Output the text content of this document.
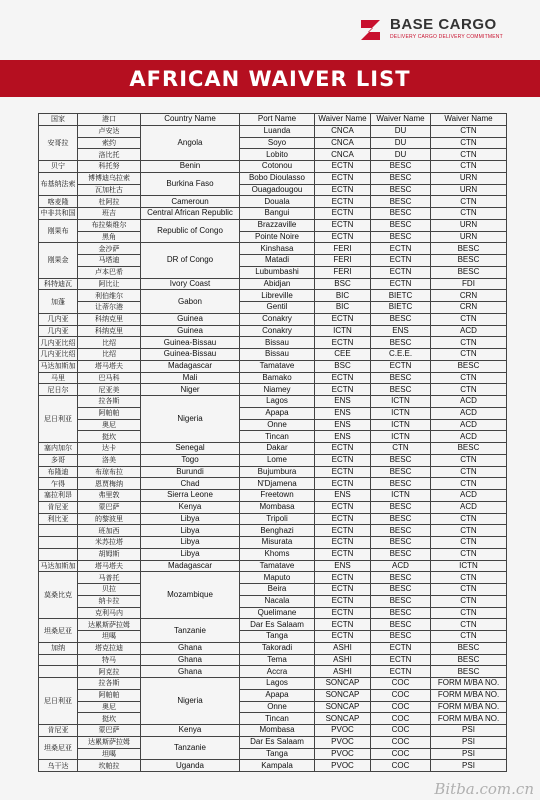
BASE CARGO
DELIVERY CARGO DELIVERY COMMITMENT
AFRICAN WAIVER LIST
国家	港口	Country Name	Port Name	Waiver Name	Waiver Name	Waiver Name
安哥拉	卢安达	Angola	Luanda	CNCA	DU	CTN
	索约		Soyo	CNCA	DU	CTN
	洛比托		Lobito	CNCA	DU	CTN
贝宁	科托努	Benin	Cotonou	ECTN	BESC	CTN
布基纳法索	博博迪乌拉索	Burkina Faso	Bobo Dioulasso	ECTN	BESC	URN
	瓦加杜古		Ouagadougou	ECTN	BESC	URN
喀麦隆	杜阿拉	Cameroun	Douala	ECTN	BESC	CTN
中非共和国	班吉	Central African Republic	Bangui	ECTN	BESC	CTN
刚果布	布拉柴维尔	Republic of Congo	Brazzaville	ECTN	BESC	URN
	黑角		Pointe Noire	ECTN	BESC	URN
刚果金	金沙萨	DR of Congo	Kinshasa	FERI	ECTN	BESC
	马塔迪		Matadi	FERI	ECTN	BESC
	卢本巴希		Lubumbashi	FERI	ECTN	BESC
科特迪瓦	阿比让	Ivory Coast	Abidjan	BSC	ECTN	FDI
加蓬	利伯维尔	Gabon	Libreville	BIC	BIETC	CRN
	让蒂尔港		Gentil	BIC	BIETC	CRN
几内亚	科纳克里	Guinea	Conakry	ECTN	BESC	CTN
几内亚	科纳克里	Guinea	Conakry	ICTN	ENS	ACD
几内亚比绍	比绍	Guinea-Bissau	Bissau	ECTN	BESC	CTN
几内亚比绍	比绍	Guinea-Bissau	Bissau	CEE	C.E.E.	CTN
马达加斯加	塔马塔夫	Madagascar	Tamatave	BSC	ECTN	BESC
马里	巴马科	Mali	Bamako	ECTN	BESC	CTN
尼日尔	尼亚美	Niger	Niamey	ECTN	BESC	CTN
尼日利亚	拉各斯	Nigeria	Lagos	ENS	ICTN	ACD
	阿帕帕		Apapa	ENS	ICTN	ACD
	奥尼		Onne	ENS	ICTN	ACD
	挺坎		Tincan	ENS	ICTN	ACD
塞内加尔	达卡	Senegal	Dakar	ECTN	CTN	BESC
多哥	洛美	Togo	Lome	ECTN	BESC	CTN
布隆迪	布琼布拉	Burundi	Bujumbura	ECTN	BESC	CTN
乍得	恩贾梅纳	Chad	N'Djamena	ECTN	BESC	CTN
塞拉利昂	弗里敦	Sierra Leone	Freetown	ENS	ICTN	ACD
肯尼亚	蒙巴萨	Kenya	Mombasa	ECTN	BESC	ACD
利比亚	的黎波里	Libya	Tripoli	ECTN	BESC	CTN
	班加西	Libya	Benghazi	ECTN	BESC	CTN
	米苏拉塔	Libya	Misurata	ECTN	BESC	CTN
	胡姆斯	Libya	Khoms	ECTN	BESC	CTN
马达加斯加	塔马塔夫	Madagascar	Tamatave	ENS	ACD	ICTN
莫桑比克	马普托	Mozambique	Maputo	ECTN	BESC	CTN
	贝拉		Beira	ECTN	BESC	CTN
	纳卡拉		Nacala	ECTN	BESC	CTN
	克利马内		Quelimane	ECTN	BESC	CTN
坦桑尼亚	达累斯萨拉姆	Tanzanie	Dar Es Salaam	ECTN	BESC	CTN
	坦噶		Tanga	ECTN	BESC	CTN
加纳	塔克拉迪	Ghana	Takoradi	ASHI	ECTN	BESC
	特马	Ghana	Tema	ASHI	ECTN	BESC
	阿克拉	Ghana	Accra	ASHI	ECTN	BESC
尼日利亚	拉各斯	Nigeria	Lagos	SONCAP	COC	FORM M/BA NO.
	阿帕帕		Apapa	SONCAP	COC	FORM M/BA NO.
	奥尼		Onne	SONCAP	COC	FORM M/BA NO.
	挺坎		Tincan	SONCAP	COC	FORM M/BA NO.
肯尼亚	蒙巴萨	Kenya	Mombasa	PVOC	COC	PSI
坦桑尼亚	达累斯萨拉姆	Tanzanie	Dar Es Salaam	PVOC	COC	PSI
	坦噶		Tanga	PVOC	COC	PSI
乌干达	坎帕拉	Uganda	Kampala	PVOC	COC	PSI
Bitba.com.cn
